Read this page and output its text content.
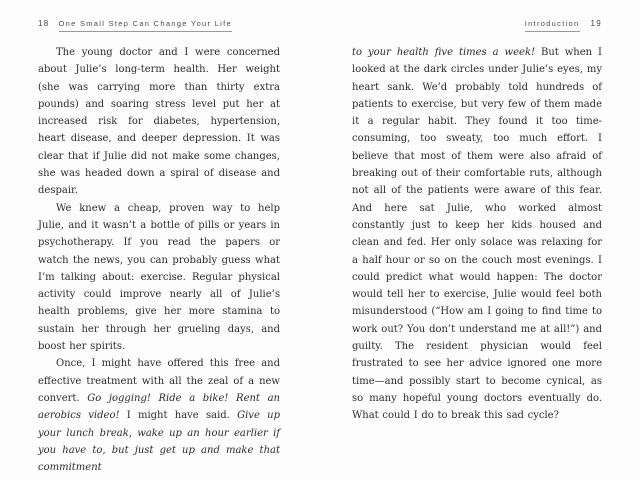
18 One Small Step Can Change Your Life

The young doctor and I were concerned about Julie’s long-term health. Her weight (she was carrying more than thirty extra pounds) and soaring stress level put her at increased risk for diabetes, hypertension, heart disease, and deeper depression. It was clear that if Julie did not make some changes, she was headed down a spiral of disease and despair.

We knew a cheap, proven way to help Julie, and it wasn’t a bottle of pills or years in psychotherapy. If you read the papers or watch the news, you can probably guess what I’m talking about: exercise. Regular physical activity could improve nearly all of Julie’s health problems, give her more stamina to sustain her through her grueling days, and boost her spirits.

Once, I might have offered this free and effective treatment with all the zeal of a new convert. Go jogging! Ride a bike! Rent an aerobics video! I might have said. Give up your lunch break, wake up an hour earlier if you have to, but just get up and make that commitment

Introduction 19

to your health five times a week! But when I looked at the dark circles under Julie’s eyes, my heart sank. We’d probably told hundreds of patients to exercise, but very few of them made it a regular habit. They found it too time-consuming, too sweaty, too much effort. I believe that most of them were also afraid of breaking out of their comfortable ruts, although not all of the patients were aware of this fear. And here sat Julie, who worked almost constantly just to keep her kids housed and clean and fed. Her only solace was relaxing for a half hour or so on the couch most evenings. I could predict what would happen: The doctor would tell her to exercise, Julie would feel both misunderstood (“How am I going to find time to work out? You don’t understand me at all!”) and guilty. The resident physician would feel frustrated to see her advice ignored one more time—and possibly start to become cynical, as so many hopeful young doctors eventually do. What could I do to break this sad cycle?
